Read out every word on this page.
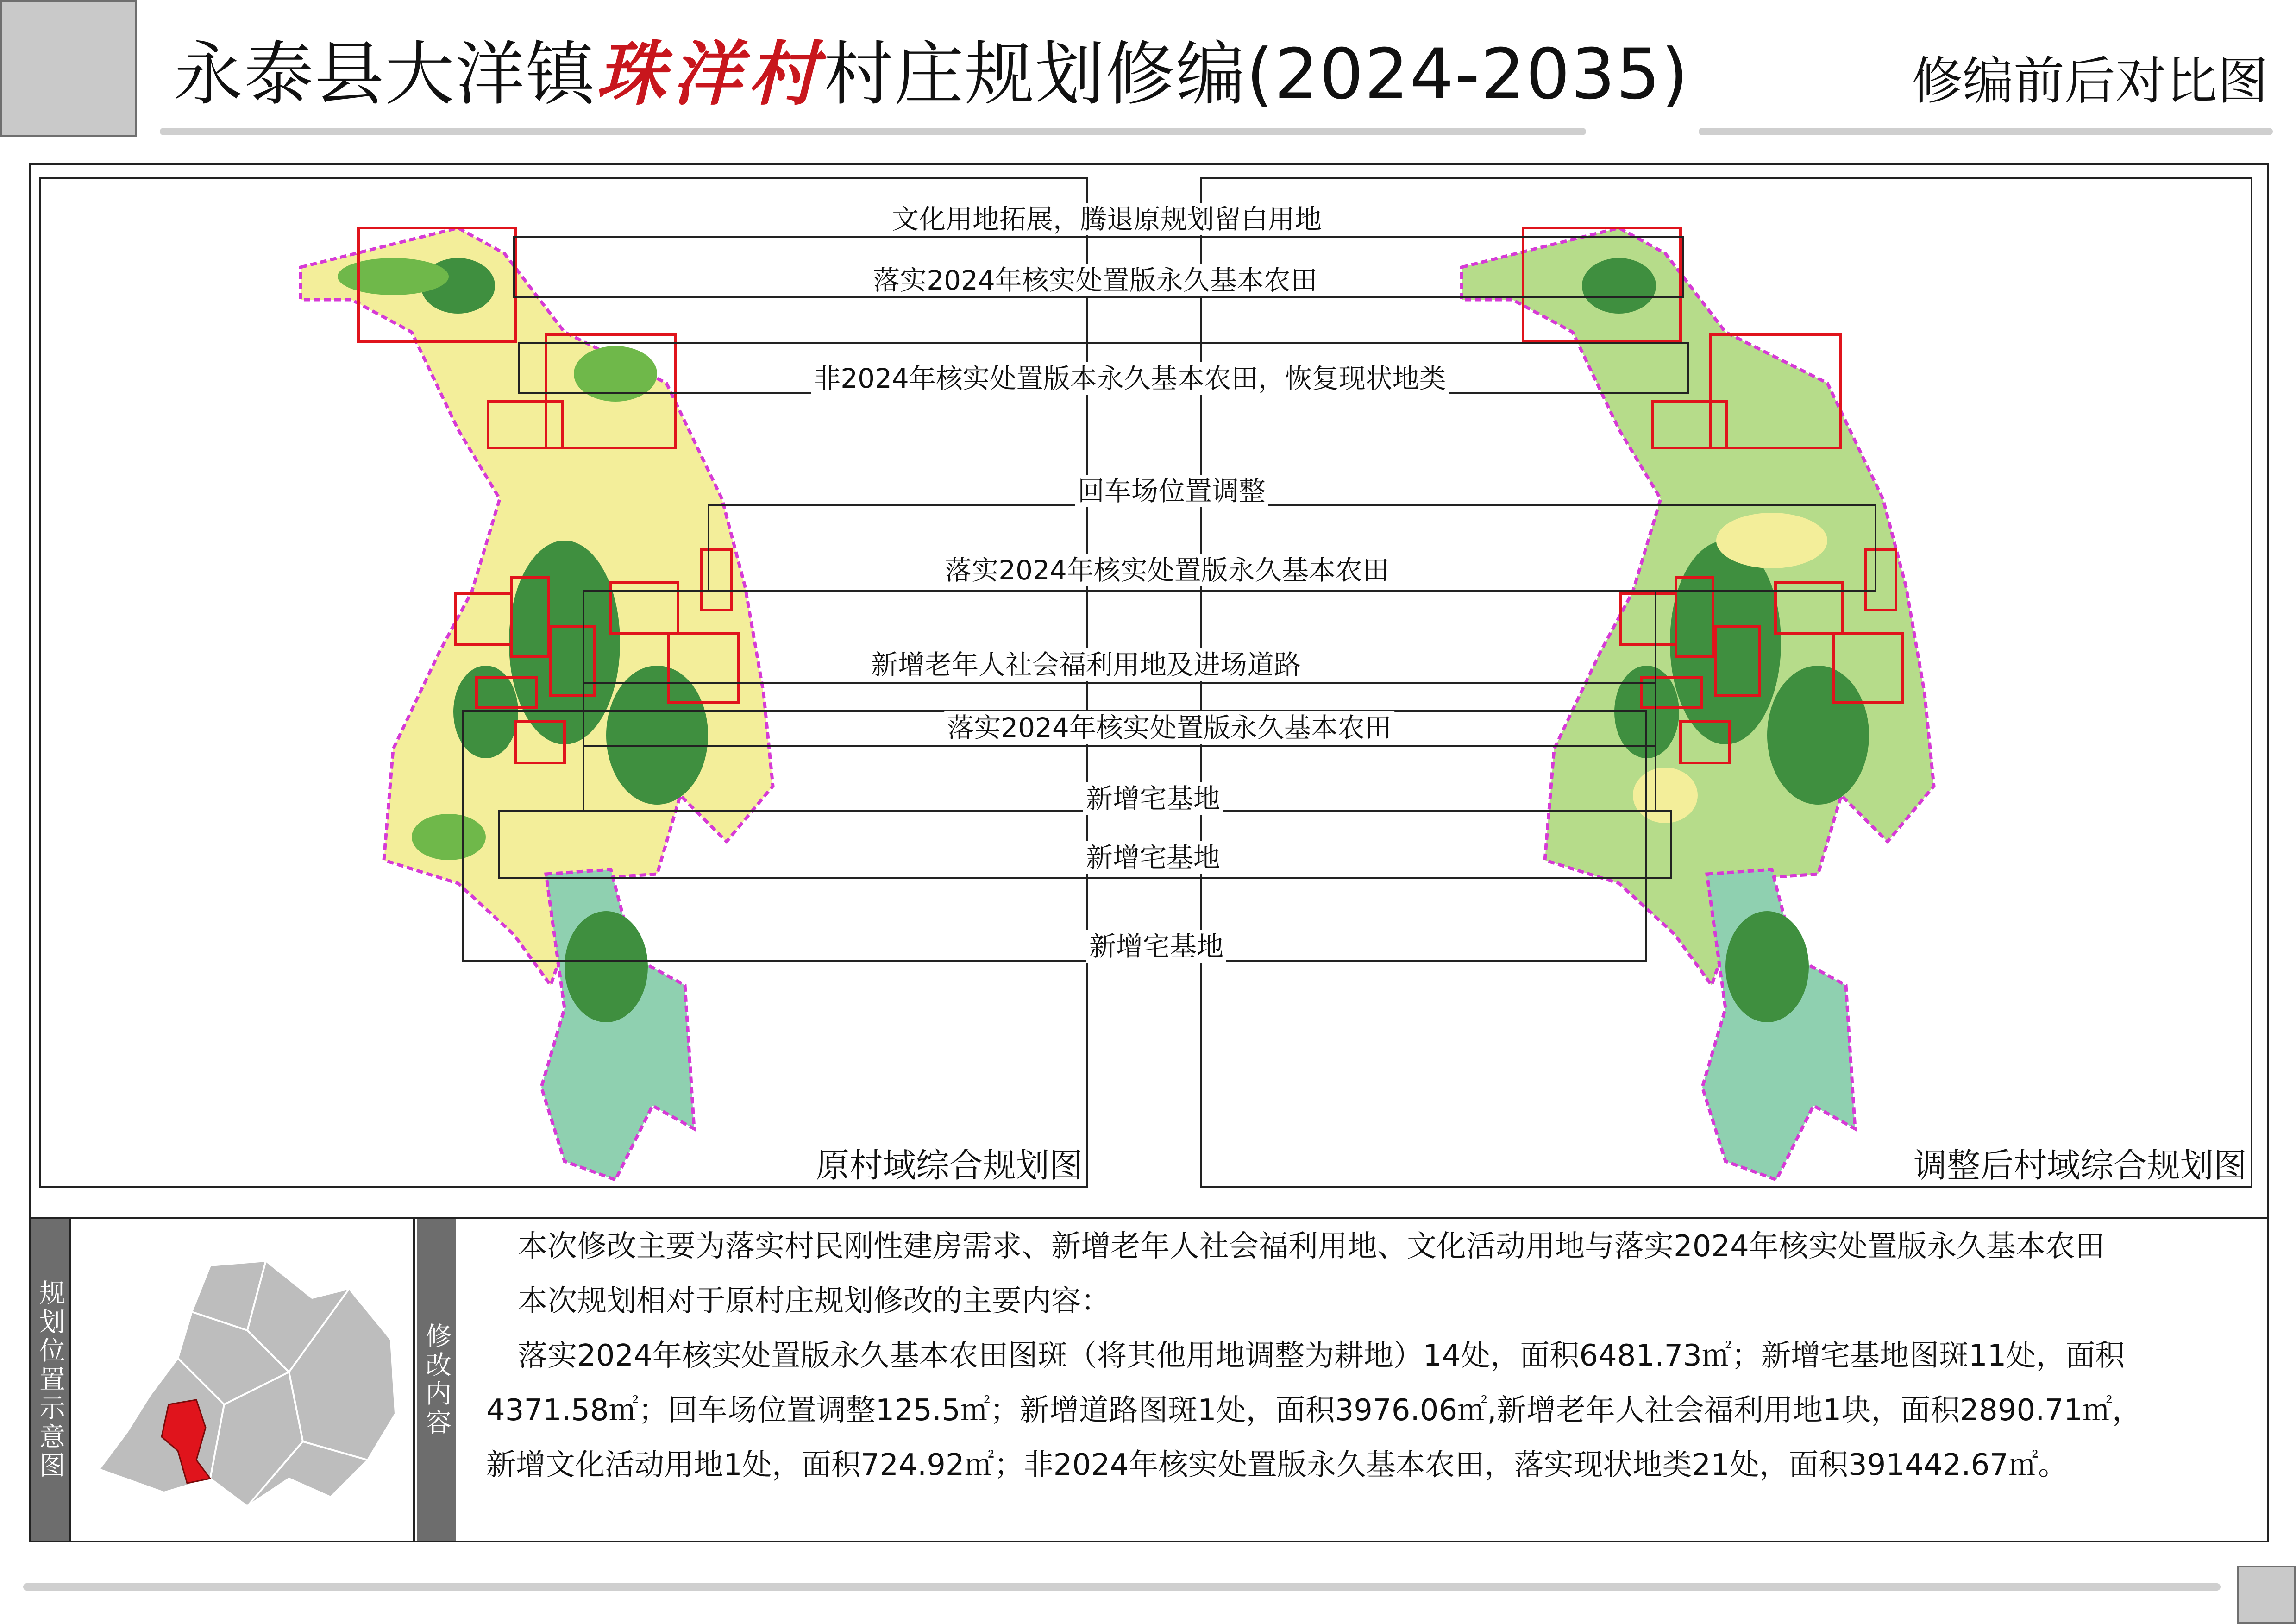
永泰县大洋镇珠洋村村庄规划修编(2024-2035)	修编前后对比图
原村域综合规划图	调整后村域综合规划图
文化用地拓展，腾退原规划留白用地
落实2024年核实处置版永久基本农田
非2024年核实处置版本永久基本农田，恢复现状地类
回车场位置调整
落实2024年核实处置版永久基本农田
新增老年人社会福利用地及进场道路
落实2024年核实处置版永久基本农田
新增宅基地
新增宅基地
新增宅基地
规划位置示意图	修改内容
本次修改主要为落实村民刚性建房需求、新增老年人社会福利用地、文化活动用地与落实2024年核实处置版永久基本农田
本次规划相对于原村庄规划修改的主要内容：
落实2024年核实处置版永久基本农田图斑（将其他用地调整为耕地）14处，面积6481.73㎡；新增宅基地图斑11处，面积
4371.58㎡；回车场位置调整125.5㎡；新增道路图斑1处，面积3976.06㎡,新增老年人社会福利用地1块，面积2890.71㎡，
新增文化活动用地1处，面积724.92㎡；非2024年核实处置版永久基本农田，落实现状地类21处，面积391442.67㎡。
